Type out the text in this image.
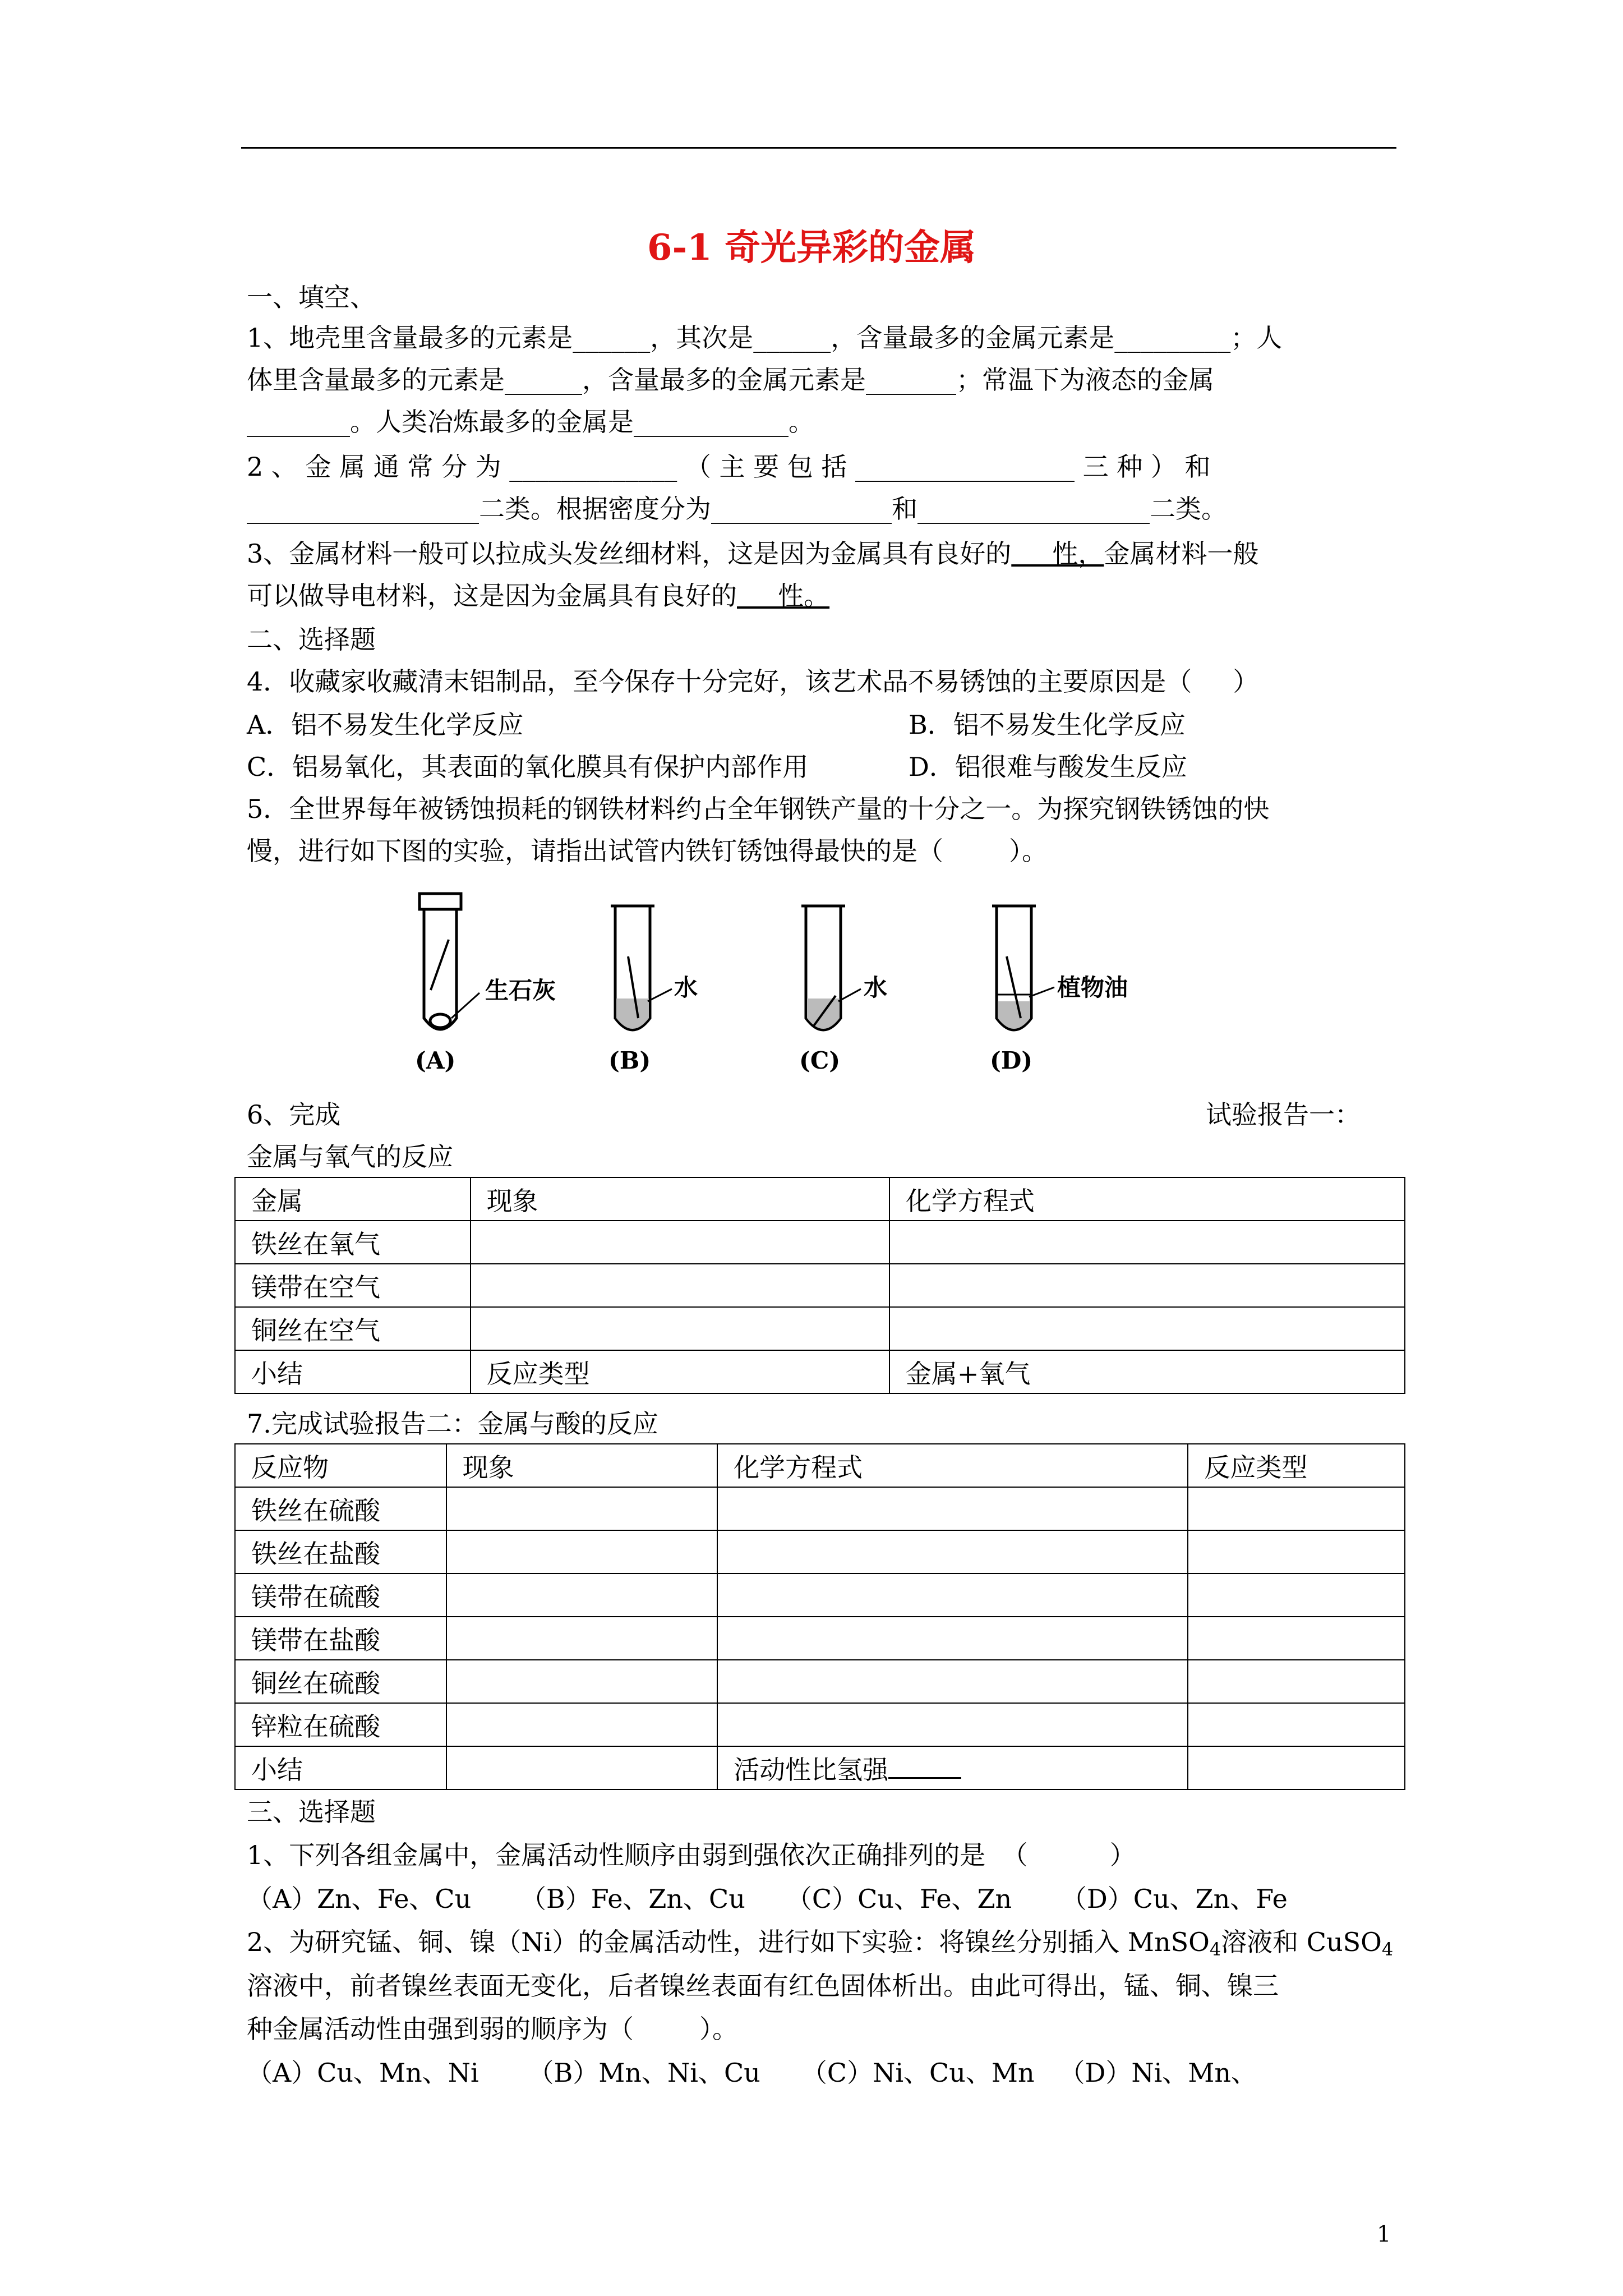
6-1 奇光异彩的金属
一、填空、
1、地壳里含量最多的元素是______，其次是______，含量最多的金属元素是_________；人
体里含量最多的元素是______，含量最多的金属元素是_______；常温下为液态的金属
________。人类冶炼最多的金属是____________。
2 、 金 属 通 常 分 为 _____________ （ 主 要 包 括 _________________ 三 种 ） 和
__________________二类。根据密度分为______________和__________________二类。
3、金属材料一般可以拉成头发丝细材料，这是因为金属具有良好的     性，金属材料一般
可以做导电材料，这是因为金属具有良好的     性。
二、选择题
4．收藏家收藏清末铝制品，至今保存十分完好，该艺术品不易锈蚀的主要原因是（     ）
A．铝不易发生化学反应	B．铝不易发生化学反应
C．铝易氧化，其表面的氧化膜具有保护内部作用	D．铝很难与酸发生反应
5．全世界每年被锈蚀损耗的钢铁材料约占全年钢铁产量的十分之一。为探究钢铁锈蚀的快
慢，进行如下图的实验，请指出试管内铁钉锈蚀得最快的是（        ）。
生石灰	水	水	植物油
(A)	(B)	(C)	(D)
6、完成	试验报告一：
金属与氧气的反应
金属	现象	化学方程式
铁丝在氧气		
镁带在空气		
铜丝在空气		
小结	反应类型	金属+氧气
7.完成试验报告二：金属与酸的反应
反应物	现象	化学方程式	反应类型
铁丝在硫酸			
铁丝在盐酸			
镁带在硫酸			
镁带在盐酸			
铜丝在硫酸			
锌粒在硫酸			
小结		活动性比氢强	
三、选择题
1、下列各组金属中，金属活动性顺序由弱到强依次正确排列的是  （          ）
（A）Zn、Fe、Cu      （B）Fe、Zn、Cu     （C）Cu、Fe、Zn      （D）Cu、Zn、Fe
2、为研究锰、铜、镍（Ni）的金属活动性，进行如下实验：将镍丝分别插入 MnSO$_4$溶液和 CuSO$_4$
溶液中，前者镍丝表面无变化，后者镍丝表面有红色固体析出。由此可得出，锰、铜、镍三
种金属活动性由强到弱的顺序为（        ）。
（A）Cu、Mn、Ni      （B）Mn、Ni、Cu     （C）Ni、Cu、Mn   （D）Ni、Mn、
1
